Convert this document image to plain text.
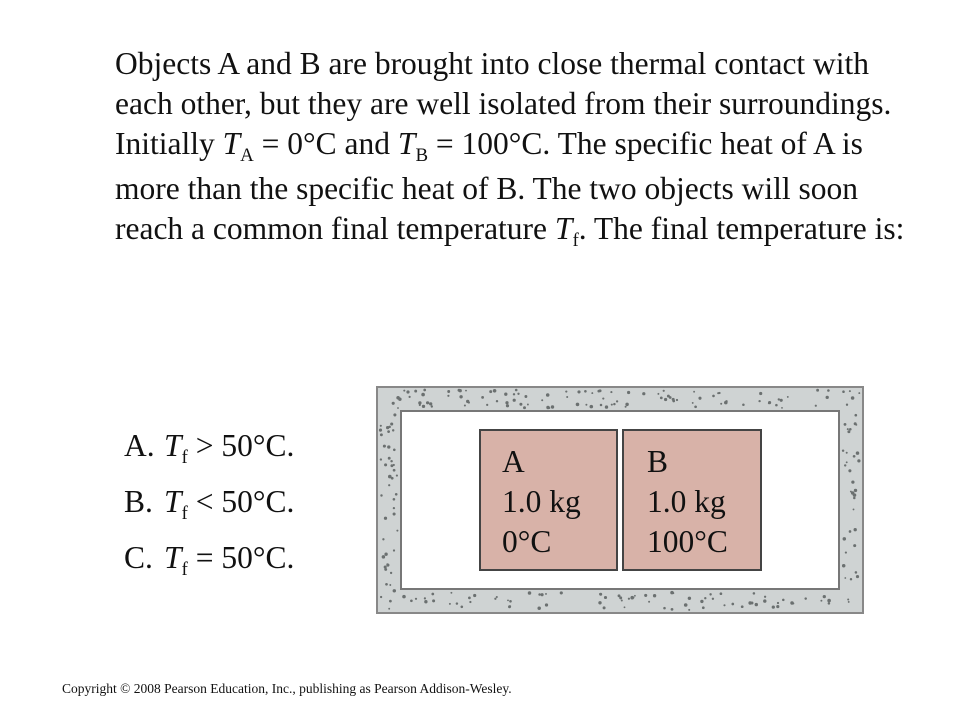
Objects A and B are brought into close thermal contact with each other, but they are well isolated from their surroundings. Initially $T_A = 0^\circ C$ and $T_B = 100^\circ C$. The specific heat of A is more than the specific heat of B. The two objects will soon reach a common final temperature $T_f$. The final temperature is:

A. $T_f > 50^\circ C$.
B. $T_f < 50^\circ C$.
C. $T_f = 50^\circ C$.
A
1.0 kg
0°C
B
1.0 kg
100°C
Copyright © 2008 Pearson Education, Inc., publishing as Pearson Addison-Wesley.
